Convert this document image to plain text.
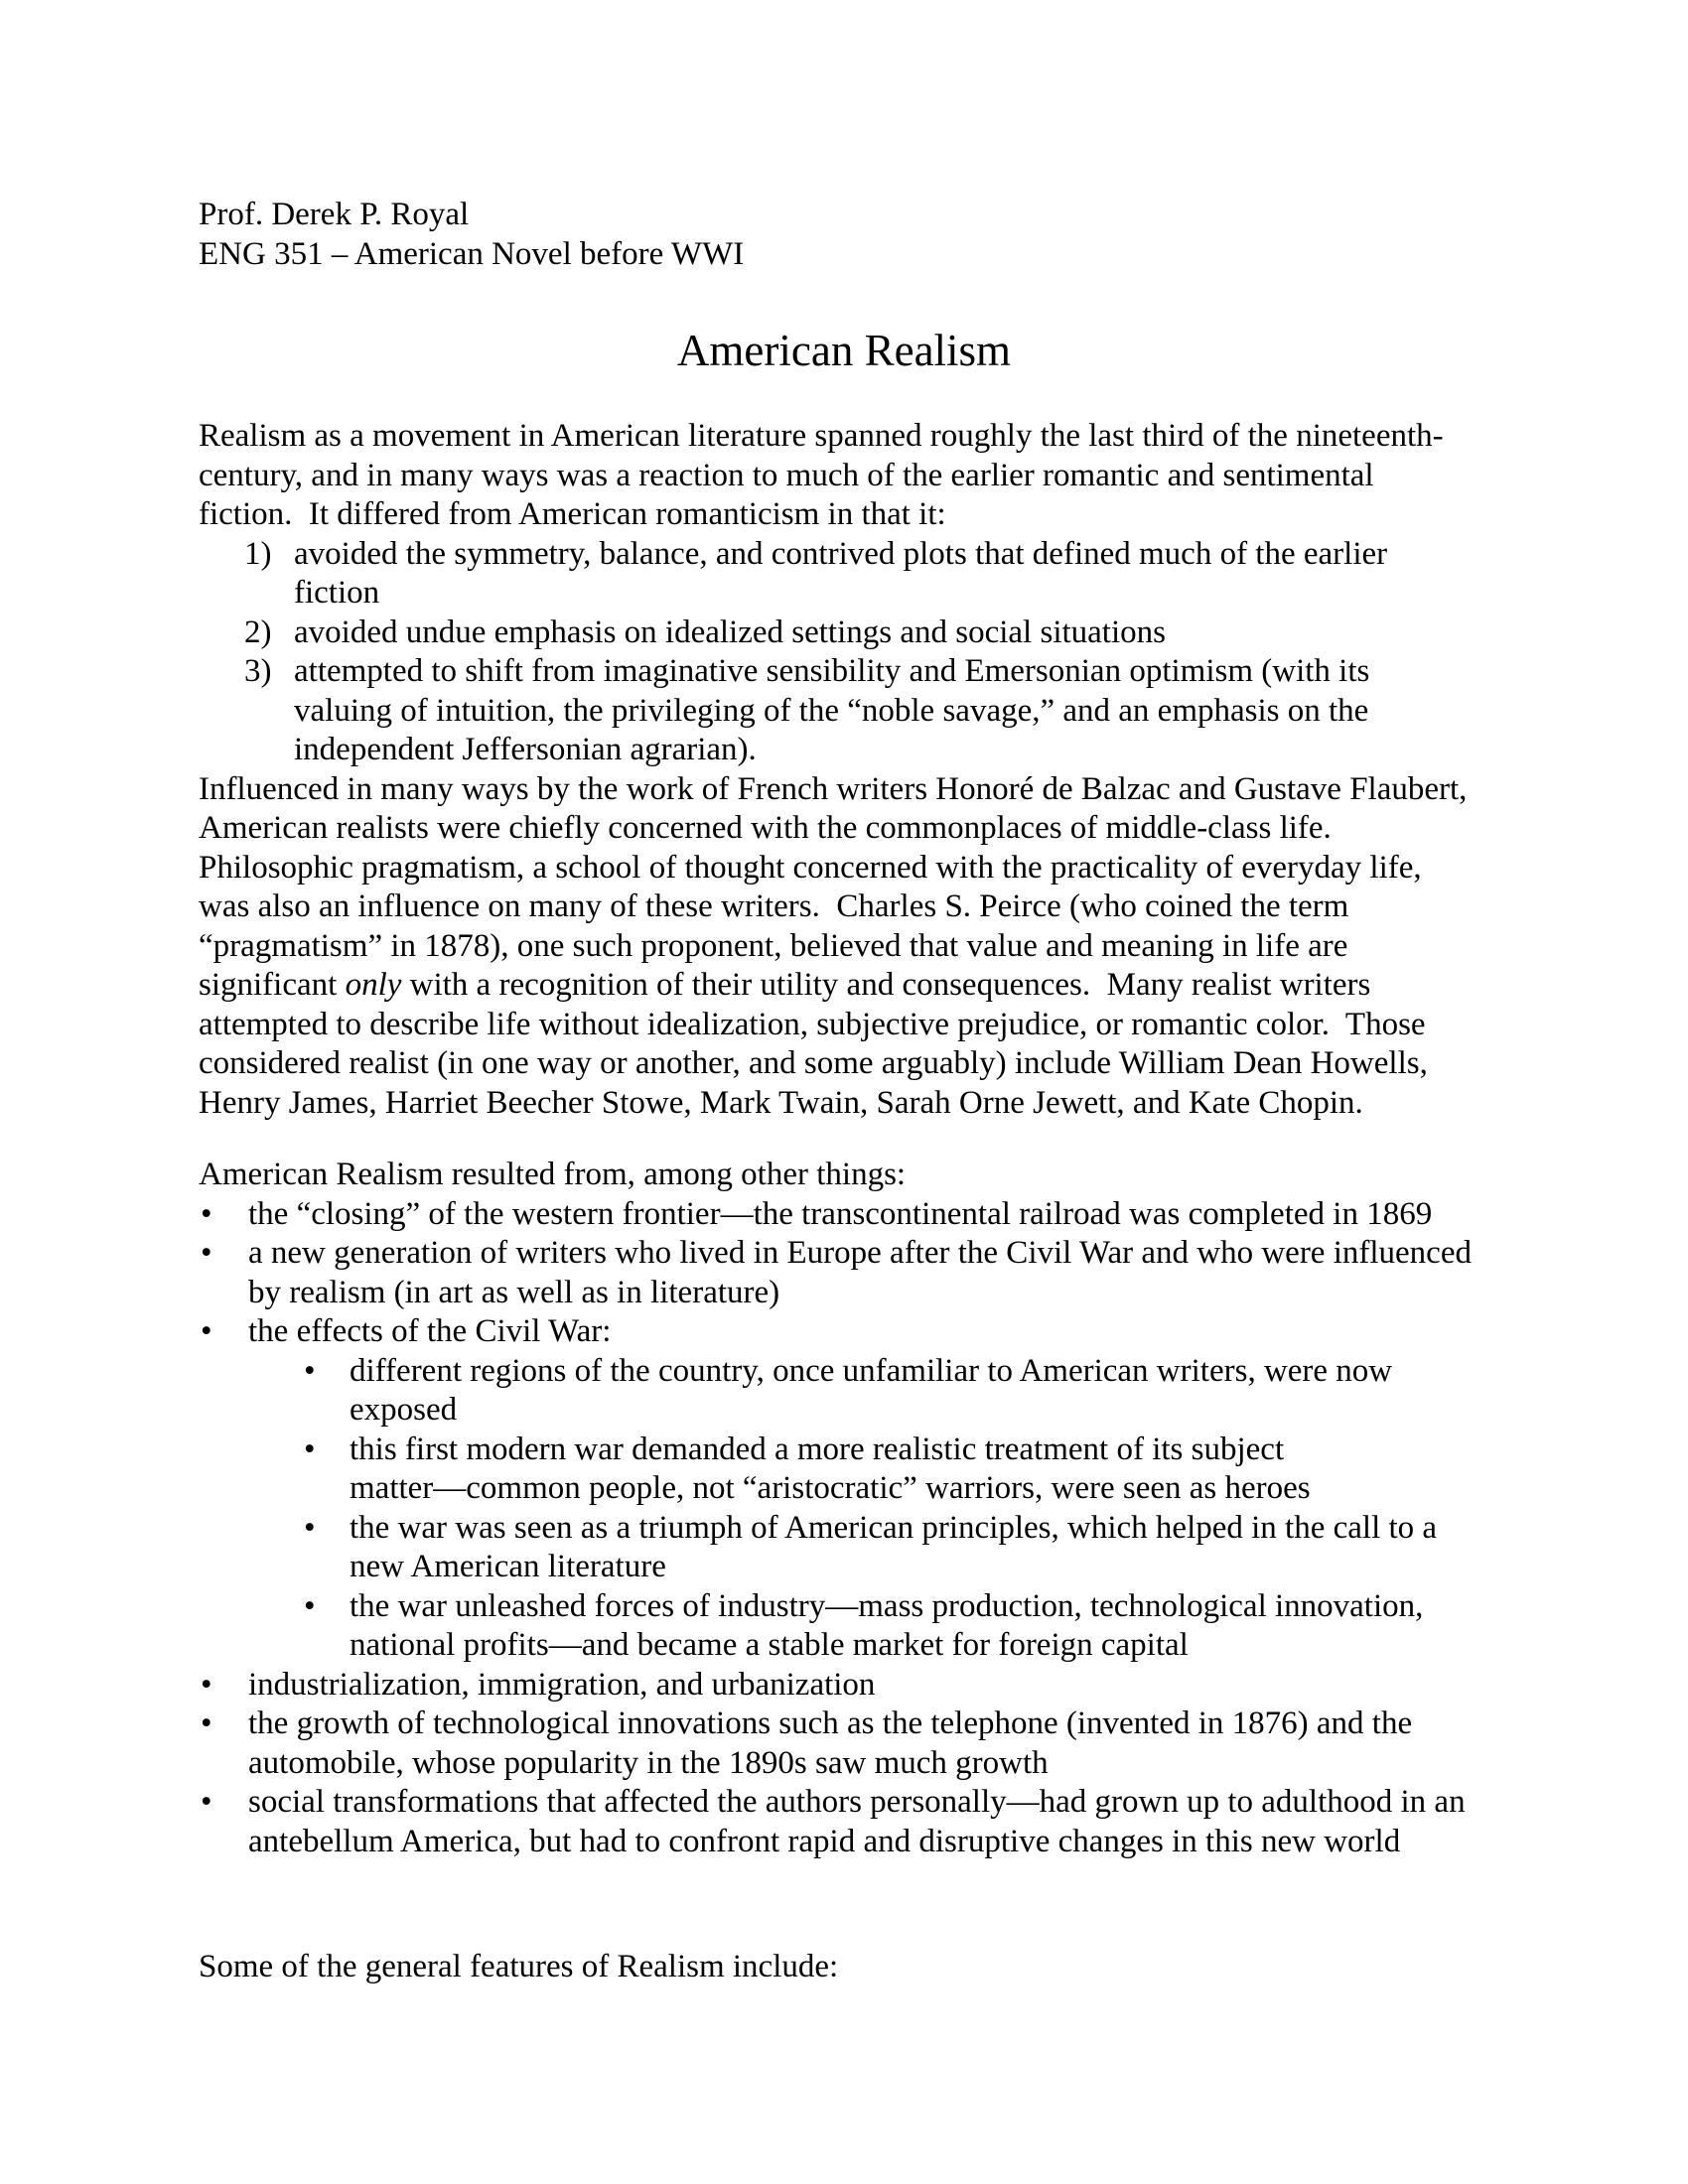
Prof. Derek P. Royal
ENG 351 – American Novel before WWI
American Realism
Realism as a movement in American literature spanned roughly the last third of the nineteenth-
century, and in many ways was a reaction to much of the earlier romantic and sentimental
fiction.  It differed from American romanticism in that it:
1) avoided the symmetry, balance, and contrived plots that defined much of the earlier
fiction
2) avoided undue emphasis on idealized settings and social situations
3) attempted to shift from imaginative sensibility and Emersonian optimism (with its
valuing of intuition, the privileging of the “noble savage,” and an emphasis on the
independent Jeffersonian agrarian).
Influenced in many ways by the work of French writers Honoré de Balzac and Gustave Flaubert,
American realists were chiefly concerned with the commonplaces of middle-class life.
Philosophic pragmatism, a school of thought concerned with the practicality of everyday life,
was also an influence on many of these writers.  Charles S. Peirce (who coined the term
“pragmatism” in 1878), one such proponent, believed that value and meaning in life are
significant only with a recognition of their utility and consequences.  Many realist writers
attempted to describe life without idealization, subjective prejudice, or romantic color.  Those
considered realist (in one way or another, and some arguably) include William Dean Howells,
Henry James, Harriet Beecher Stowe, Mark Twain, Sarah Orne Jewett, and Kate Chopin.
American Realism resulted from, among other things:
• the “closing” of the western frontier—the transcontinental railroad was completed in 1869
• a new generation of writers who lived in Europe after the Civil War and who were influenced
by realism (in art as well as in literature)
• the effects of the Civil War:
• different regions of the country, once unfamiliar to American writers, were now
exposed
• this first modern war demanded a more realistic treatment of its subject
matter—common people, not “aristocratic” warriors, were seen as heroes
• the war was seen as a triumph of American principles, which helped in the call to a
new American literature
• the war unleashed forces of industry—mass production, technological innovation,
national profits—and became a stable market for foreign capital
• industrialization, immigration, and urbanization
• the growth of technological innovations such as the telephone (invented in 1876) and the
automobile, whose popularity in the 1890s saw much growth
• social transformations that affected the authors personally—had grown up to adulthood in an
antebellum America, but had to confront rapid and disruptive changes in this new world
Some of the general features of Realism include:
